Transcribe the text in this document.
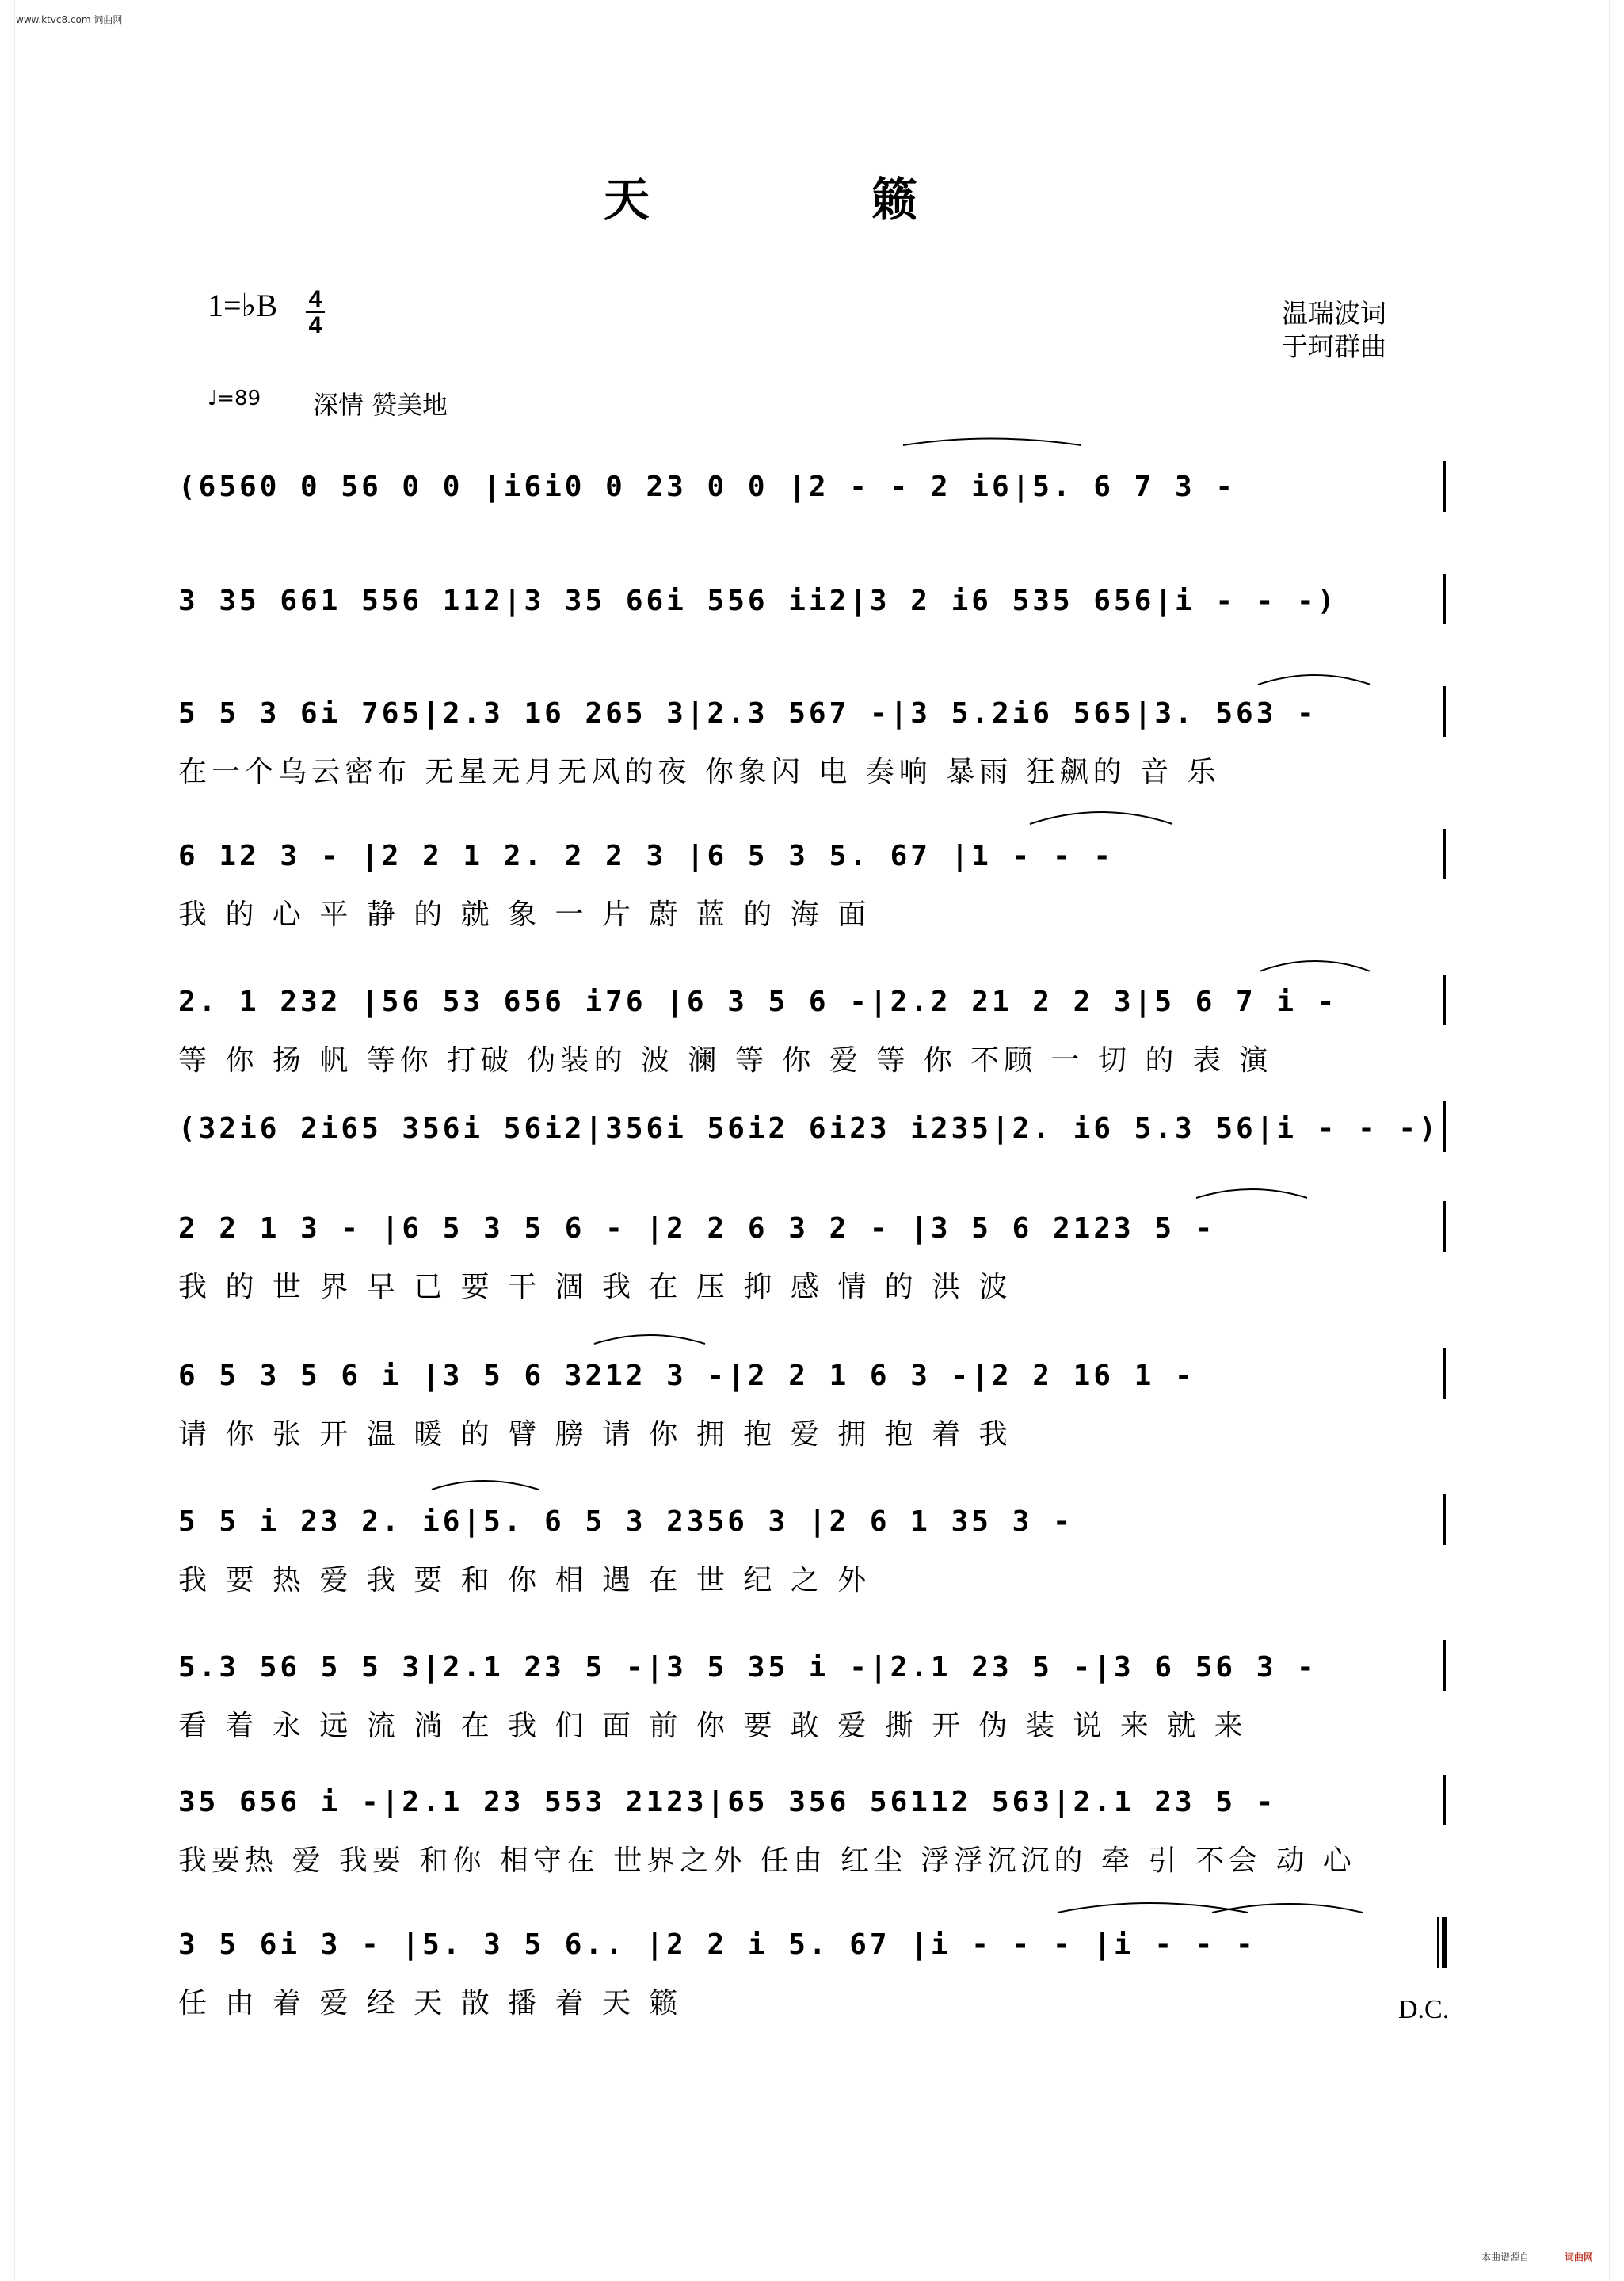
www.ktvc8.com 词曲网
天 籁
1=♭B 4
4	温瑞波词
于珂群曲
♩=89 深情 赞美地
(6560 0 56 0 0 |i6i0 0 23 0 0 |2 - - 2 i6|5. 6 7 3 -
3 35 661 556 112|3 35 66i 556 ii2|3 2 i6 535 656|i - - -)
5 5 3 6i 765|2.3 16 265 3|2.3 567 -|3 5.2i6 565|3. 563 -
在一个乌云密布 无星无月无风的夜 你象闪 电 奏响 暴雨 狂飙的 音 乐
6 12 3 - |2 2 1 2. 2 2 3 |6 5 3 5. 67 |1 - - -
我 的 心 平 静 的 就 象 一 片 蔚 蓝 的 海 面
2. 1 232 |56 53 656 i76 |6 3 5 6 -|2.2 21 2 2 3|5 6 7 i -
等 你 扬 帆 等你 打破 伪装的 波 澜 等 你 爱 等 你 不顾 一 切 的 表 演
(32i6 2i65 356i 56i2|356i 56i2 6i23 i235|2. i6 5.3 56|i - - -)
2 2 1 3 - |6 5 3 5 6 - |2 2 6 3 2 - |3 5 6 2123 5 -
我 的 世 界 早 已 要 干 涸 我 在 压 抑 感 情 的 洪 波
6 5 3 5 6 i |3 5 6 3212 3 -|2 2 1 6 3 -|2 2 16 1 -
请 你 张 开 温 暖 的 臂 膀 请 你 拥 抱 爱 拥 抱 着 我
5 5 i 23 2. i6|5. 6 5 3 2356 3 |2 6 1 35 3 -
我 要 热 爱 我 要 和 你 相 遇 在 世 纪 之 外
5.3 56 5 5 3|2.1 23 5 -|3 5 35 i -|2.1 23 5 -|3 6 56 3 -
看 着 永 远 流 淌 在 我 们 面 前 你 要 敢 爱 撕 开 伪 装 说 来 就 来
35 656 i -|2.1 23 553 2123|65 356 56112 563|2.1 23 5 -
我要热 爱 我要 和你 相守在 世界之外 任由 红尘 浮浮沉沉的 牵 引 不会 动 心
3 5 6i 3 - |5. 3 5 6.. |2 2 i 5. 67 |i - - - |i - - -
任 由 着 爱 经 天 散 播 着 天 籁	D.C.
本曲谱源自	词曲网
